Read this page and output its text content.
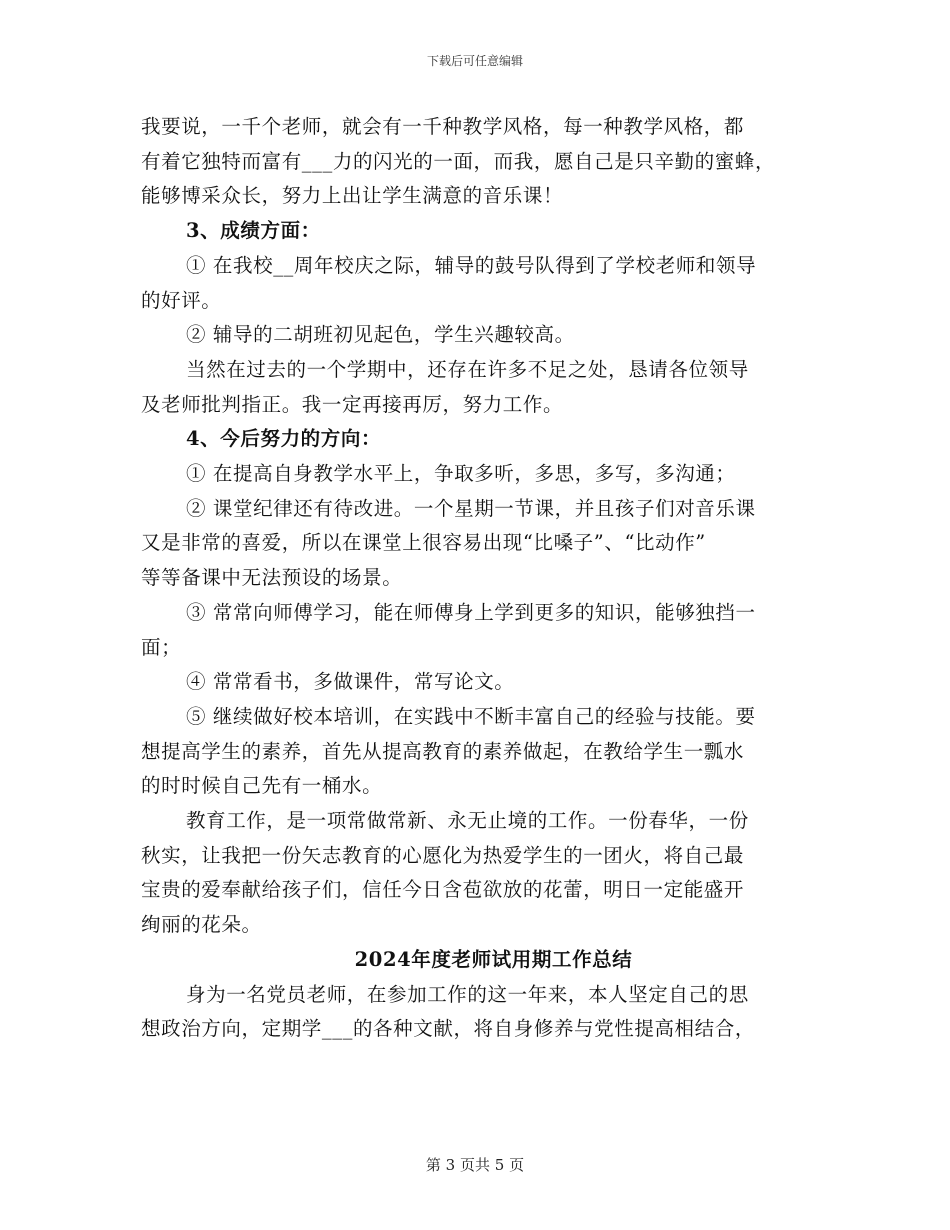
下载后可任意编辑

我要说，一千个老师，就会有一千种教学风格，每一种教学风格，都

有着它独特而富有___力的闪光的一面，而我，愿自己是只辛勤的蜜蜂，

能够博采众长，努力上出让学生满意的音乐课！

3、成绩方面：

① 在我校__周年校庆之际，辅导的鼓号队得到了学校老师和领导

的好评。

② 辅导的二胡班初见起色，学生兴趣较高。

当然在过去的一个学期中，还存在许多不足之处，恳请各位领导

及老师批判指正。我一定再接再厉，努力工作。

4、今后努力的方向：

① 在提高自身教学水平上，争取多听，多思，多写，多沟通；

② 课堂纪律还有待改进。一个星期一节课，并且孩子们对音乐课

又是非常的喜爱，所以在课堂上很容易出现“比嗓子”、“比动作”

等等备课中无法预设的场景。

③ 常常向师傅学习，能在师傅身上学到更多的知识，能够独挡一

面；

④ 常常看书，多做课件，常写论文。

⑤ 继续做好校本培训，在实践中不断丰富自己的经验与技能。要

想提高学生的素养，首先从提高教育的素养做起，在教给学生一瓢水

的时时候自己先有一桶水。

教育工作，是一项常做常新、永无止境的工作。一份春华，一份

秋实，让我把一份矢志教育的心愿化为热爱学生的一团火，将自己最

宝贵的爱奉献给孩子们，信任今日含苞欲放的花蕾，明日一定能盛开

绚丽的花朵。

2024年度老师试用期工作总结

身为一名党员老师，在参加工作的这一年来，本人坚定自己的思

想政治方向，定期学___的各种文献，将自身修养与党性提高相结合，

第 3 页共 5 页
